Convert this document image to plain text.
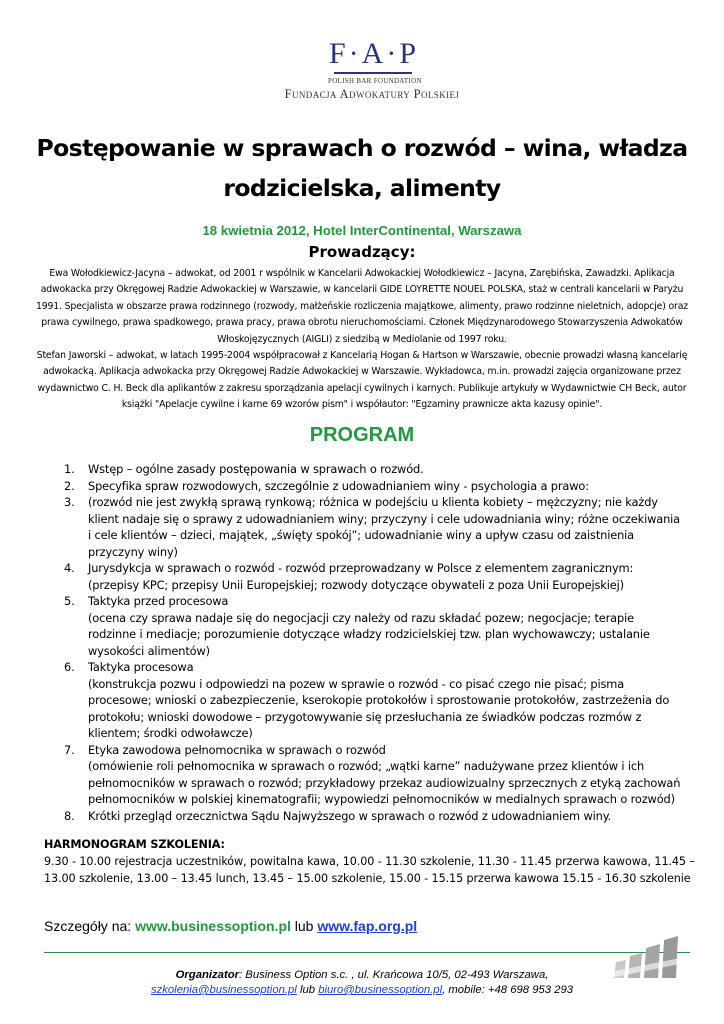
F·A·P
POLISH BAR FOUNDATION
Fundacja Adwokatury Polskiej
Postępowanie w sprawach o rozwód – wina, władza rodzicielska, alimenty
18 kwietnia 2012, Hotel InterContinental, Warszawa
Prowadzący:
Ewa Wołodkiewicz-Jacyna – adwokat, od 2001 r wspólnik w Kancelarii Adwokackiej Wołodkiewicz – Jacyna, Zarębińska, Zawadzki. Aplikacja adwokacka przy Okręgowej Radzie Adwokackiej w Warszawie, w kancelarii GIDE LOYRETTE NOUEL POLSKA, staż w centrali kancelarii w Paryżu 1991. Specjalista w obszarze prawa rodzinnego (rozwody, małżeńskie rozliczenia majątkowe, alimenty, prawo rodzinne nieletnich, adopcje) oraz prawa cywilnego, prawa spadkowego, prawa pracy, prawa obrotu nieruchomościami. Członek Międzynarodowego Stowarzyszenia Adwokatów Włoskojęzycznych (AIGLI) z siedzibą w Mediolanie od 1997 roku.
Stefan Jaworski – adwokat, w latach 1995-2004 współpracował z Kancelarią Hogan & Hartson w Warszawie, obecnie prowadzi własną kancelarię adwokacką. Aplikacja adwokacka przy Okręgowej Radzie Adwokackiej w Warszawie. Wykładowca, m.in. prowadzi zajęcia organizowane przez wydawnictwo C. H. Beck dla aplikantów z zakresu sporządzania apelacji cywilnych i karnych. Publikuje artykuły w Wydawnictwie CH Beck, autor książki "Apelacje cywilne i karne 69 wzorów pism" i współautor: "Egzaminy prawnicze akta kazusy opinie".
PROGRAM
1.	Wstęp – ogólne zasady postępowania w sprawach o rozwód.
2.	Specyfika spraw rozwodowych, szczególnie z udowadnianiem winy - psychologia a prawo:
3.	(rozwód nie jest zwykłą sprawą rynkową; różnica w podejściu u klienta kobiety – mężczyzny; nie każdy klient nadaje się o sprawy z udowadnianiem winy; przyczyny i cele udowadniania winy; różne oczekiwania i cele klientów – dzieci, majątek, „święty spokój”; udowadnianie winy a upływ czasu od zaistnienia przyczyny winy)
4.	Jurysdykcja w sprawach o rozwód - rozwód przeprowadzany w Polsce z elementem zagranicznym:
(przepisy KPC; przepisy Unii Europejskiej; rozwody dotyczące obywateli z poza Unii Europejskiej)
5.	Taktyka przed procesowa
(ocena czy sprawa nadaje się do negocjacji czy należy od razu składać pozew; negocjacje; terapie rodzinne i mediacje; porozumienie dotyczące władzy rodzicielskiej tzw. plan wychowawczy; ustalanie wysokości alimentów)
6.	Taktyka procesowa
(konstrukcja pozwu i odpowiedzi na pozew w sprawie o rozwód - co pisać czego nie pisać; pisma procesowe; wnioski o zabezpieczenie, kserokopie protokołów i sprostowanie protokołów, zastrzeżenia do protokołu; wnioski dowodowe – przygotowywanie się przesłuchania ze świadków podczas rozmów z klientem; środki odwoławcze)
7.	Etyka zawodowa pełnomocnika w sprawach o rozwód
(omówienie roli pełnomocnika w sprawach o rozwód; „wątki karne” nadużywane przez klientów i ich pełnomocników w sprawach o rozwód; przykładowy przekaz audiowizualny sprzecznych z etyką zachowań pełnomocników w polskiej kinematografii; wypowiedzi pełnomocników w medialnych sprawach o rozwód)
8.	Krótki przegląd orzecznictwa Sądu Najwyższego w sprawach o rozwód z udowadnianiem winy.
HARMONOGRAM SZKOLENIA:
9.30 - 10.00 rejestracja uczestników, powitalna kawa, 10.00 - 11.30 szkolenie, 11.30 - 11.45 przerwa kawowa, 11.45 – 13.00 szkolenie, 13.00 – 13.45 lunch, 13.45 – 15.00 szkolenie, 15.00 - 15.15 przerwa kawowa 15.15 - 16.30 szkolenie
Szczegóły na: www.businessoption.pl lub www.fap.org.pl
Organizator: Business Option s.c. , ul. Krańcowa 10/5, 02-493 Warszawa,
szkolenia@businessoption.pl lub biuro@businessoption.pl, mobile: +48 698 953 293
